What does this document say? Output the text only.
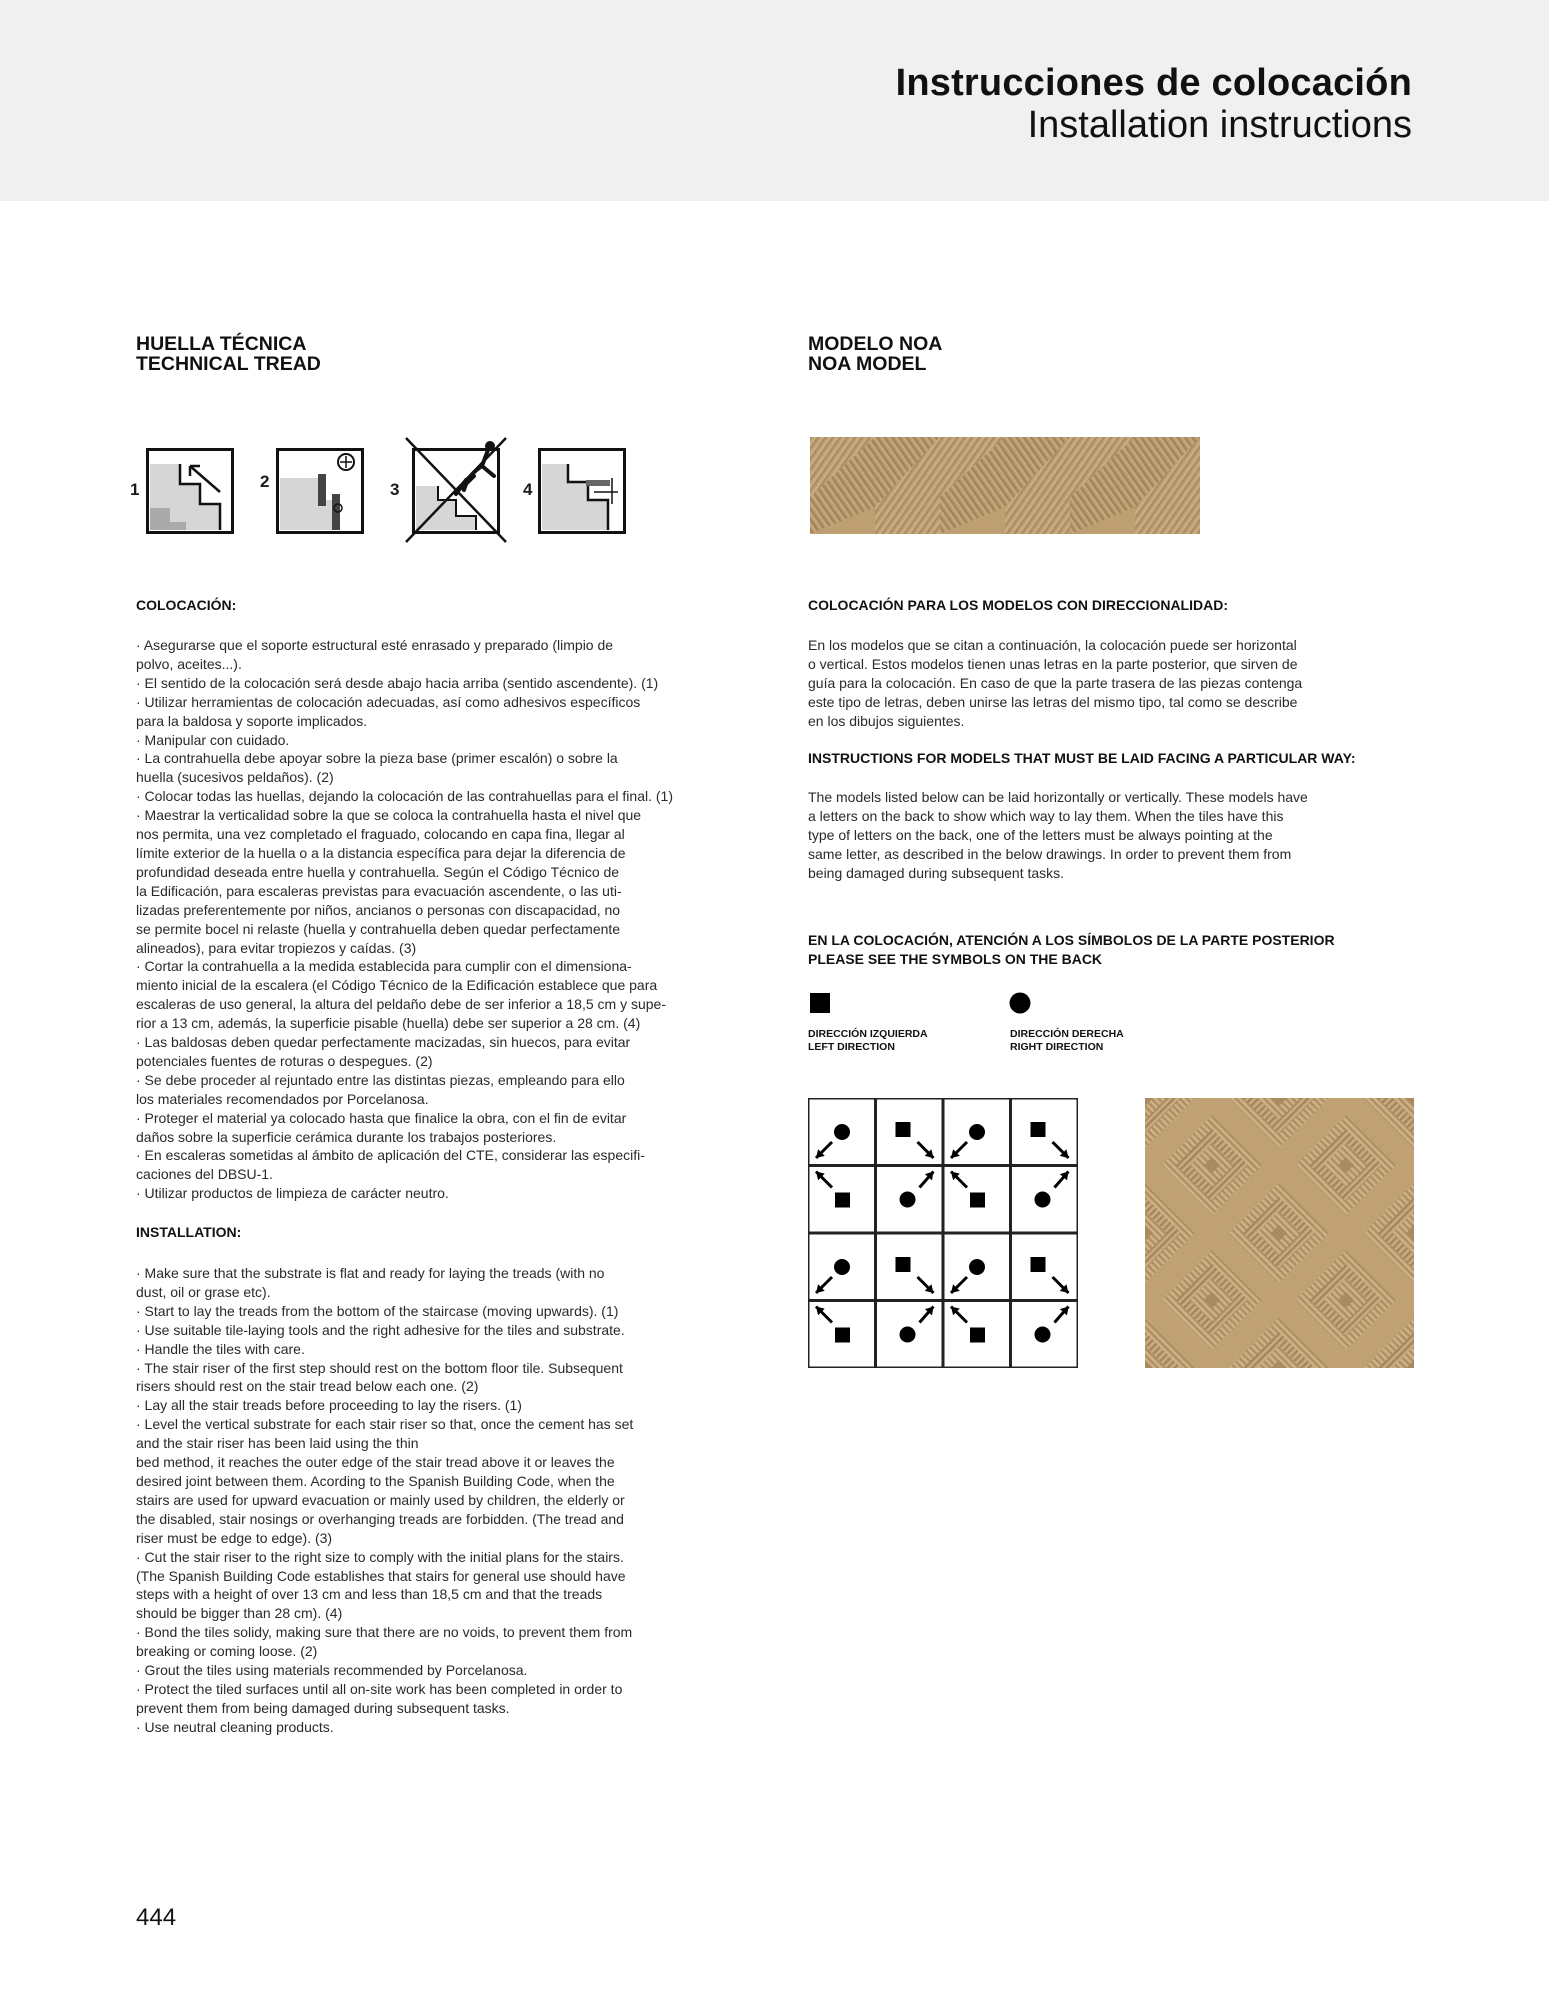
Instrucciones de colocación
Installation instructions
HUELLA TÉCNICA
TECHNICAL TREAD
MODELO NOA
NOA MODEL
1	2	3	4
COLOCACIÓN:
· Asegurarse que el soporte estructural esté enrasado y preparado (limpio de
polvo, aceites...).
· El sentido de la colocación será desde abajo hacia arriba (sentido ascendente). (1)
· Utilizar herramientas de colocación adecuadas, así como adhesivos específicos
para la baldosa y soporte implicados.
· Manipular con cuidado.
· La contrahuella debe apoyar sobre la pieza base (primer escalón) o sobre la
huella (sucesivos peldaños). (2)
· Colocar todas las huellas, dejando la colocación de las contrahuellas para el final. (1)
· Maestrar la verticalidad sobre la que se coloca la contrahuella hasta el nivel que
nos permita, una vez completado el fraguado, colocando en capa fina, llegar al
límite exterior de la huella o a la distancia específica para dejar la diferencia de
profundidad deseada entre huella y contrahuella. Según el Código Técnico de
la Edificación, para escaleras previstas para evacuación ascendente, o las uti-
lizadas preferentemente por niños, ancianos o personas con discapacidad, no
se permite bocel ni relaste (huella y contrahuella deben quedar perfectamente
alineados), para evitar tropiezos y caídas. (3)
· Cortar la contrahuella a la medida establecida para cumplir con el dimensiona-
miento inicial de la escalera (el Código Técnico de la Edificación establece que para
escaleras de uso general, la altura del peldaño debe de ser inferior a 18,5 cm y supe-
rior a 13 cm, además, la superficie pisable (huella) debe ser superior a 28 cm. (4)
· Las baldosas deben quedar perfectamente macizadas, sin huecos, para evitar
potenciales fuentes de roturas o despegues. (2)
· Se debe proceder al rejuntado entre las distintas piezas, empleando para ello
los materiales recomendados por Porcelanosa.
· Proteger el material ya colocado hasta que finalice la obra, con el fin de evitar
daños sobre la superficie cerámica durante los trabajos posteriores.
· En escaleras sometidas al ámbito de aplicación del CTE, considerar las especifi-
caciones del DBSU-1.
· Utilizar productos de limpieza de carácter neutro.
INSTALLATION:
· Make sure that the substrate is flat and ready for laying the treads (with no
dust, oil or grase etc).
· Start to lay the treads from the bottom of the staircase (moving upwards). (1)
· Use suitable tile-laying tools and the right adhesive for the tiles and substrate.
· Handle the tiles with care.
· The stair riser of the first step should rest on the bottom floor tile. Subsequent
risers should rest on the stair tread below each one. (2)
· Lay all the stair treads before proceeding to lay the risers. (1)
· Level the vertical substrate for each stair riser so that, once the cement has set
and the stair riser has been laid using the thin
bed method, it reaches the outer edge of the stair tread above it or leaves the
desired joint between them. Acording to the Spanish Building Code, when the
stairs are used for upward evacuation or mainly used by children, the elderly or
the disabled, stair nosings or overhanging treads are forbidden. (The tread and
riser must be edge to edge). (3)
· Cut the stair riser to the right size to comply with the initial plans for the stairs.
(The Spanish Building Code establishes that stairs for general use should have
steps with a height of over 13 cm and less than 18,5 cm and that the treads
should be bigger than 28 cm). (4)
· Bond the tiles solidy, making sure that there are no voids, to prevent them from
breaking or coming loose. (2)
· Grout the tiles using materials recommended by Porcelanosa.
· Protect the tiled surfaces until all on-site work has been completed in order to
prevent them from being damaged during subsequent tasks.
· Use neutral cleaning products.
COLOCACIÓN PARA LOS MODELOS CON DIRECCIONALIDAD:
En los modelos que se citan a continuación, la colocación puede ser horizontal
o vertical. Estos modelos tienen unas letras en la parte posterior, que sirven de
guía para la colocación. En caso de que la parte trasera de las piezas contenga
este tipo de letras, deben unirse las letras del mismo tipo, tal como se describe
en los dibujos siguientes.
INSTRUCTIONS FOR MODELS THAT MUST BE LAID FACING A PARTICULAR WAY:
The models listed below can be laid horizontally or vertically. These models have
a letters on the back to show which way to lay them. When the tiles have this
type of letters on the back, one of the letters must be always pointing at the
same letter, as described in the below drawings. In order to prevent them from
being damaged during subsequent tasks.
EN LA COLOCACIÓN, ATENCIÓN A LOS SÍMBOLOS DE LA PARTE POSTERIOR
PLEASE SEE THE SYMBOLS ON THE BACK
DIRECCIÓN IZQUIERDA
LEFT DIRECTION
DIRECCIÓN DERECHA
RIGHT DIRECTION
444
